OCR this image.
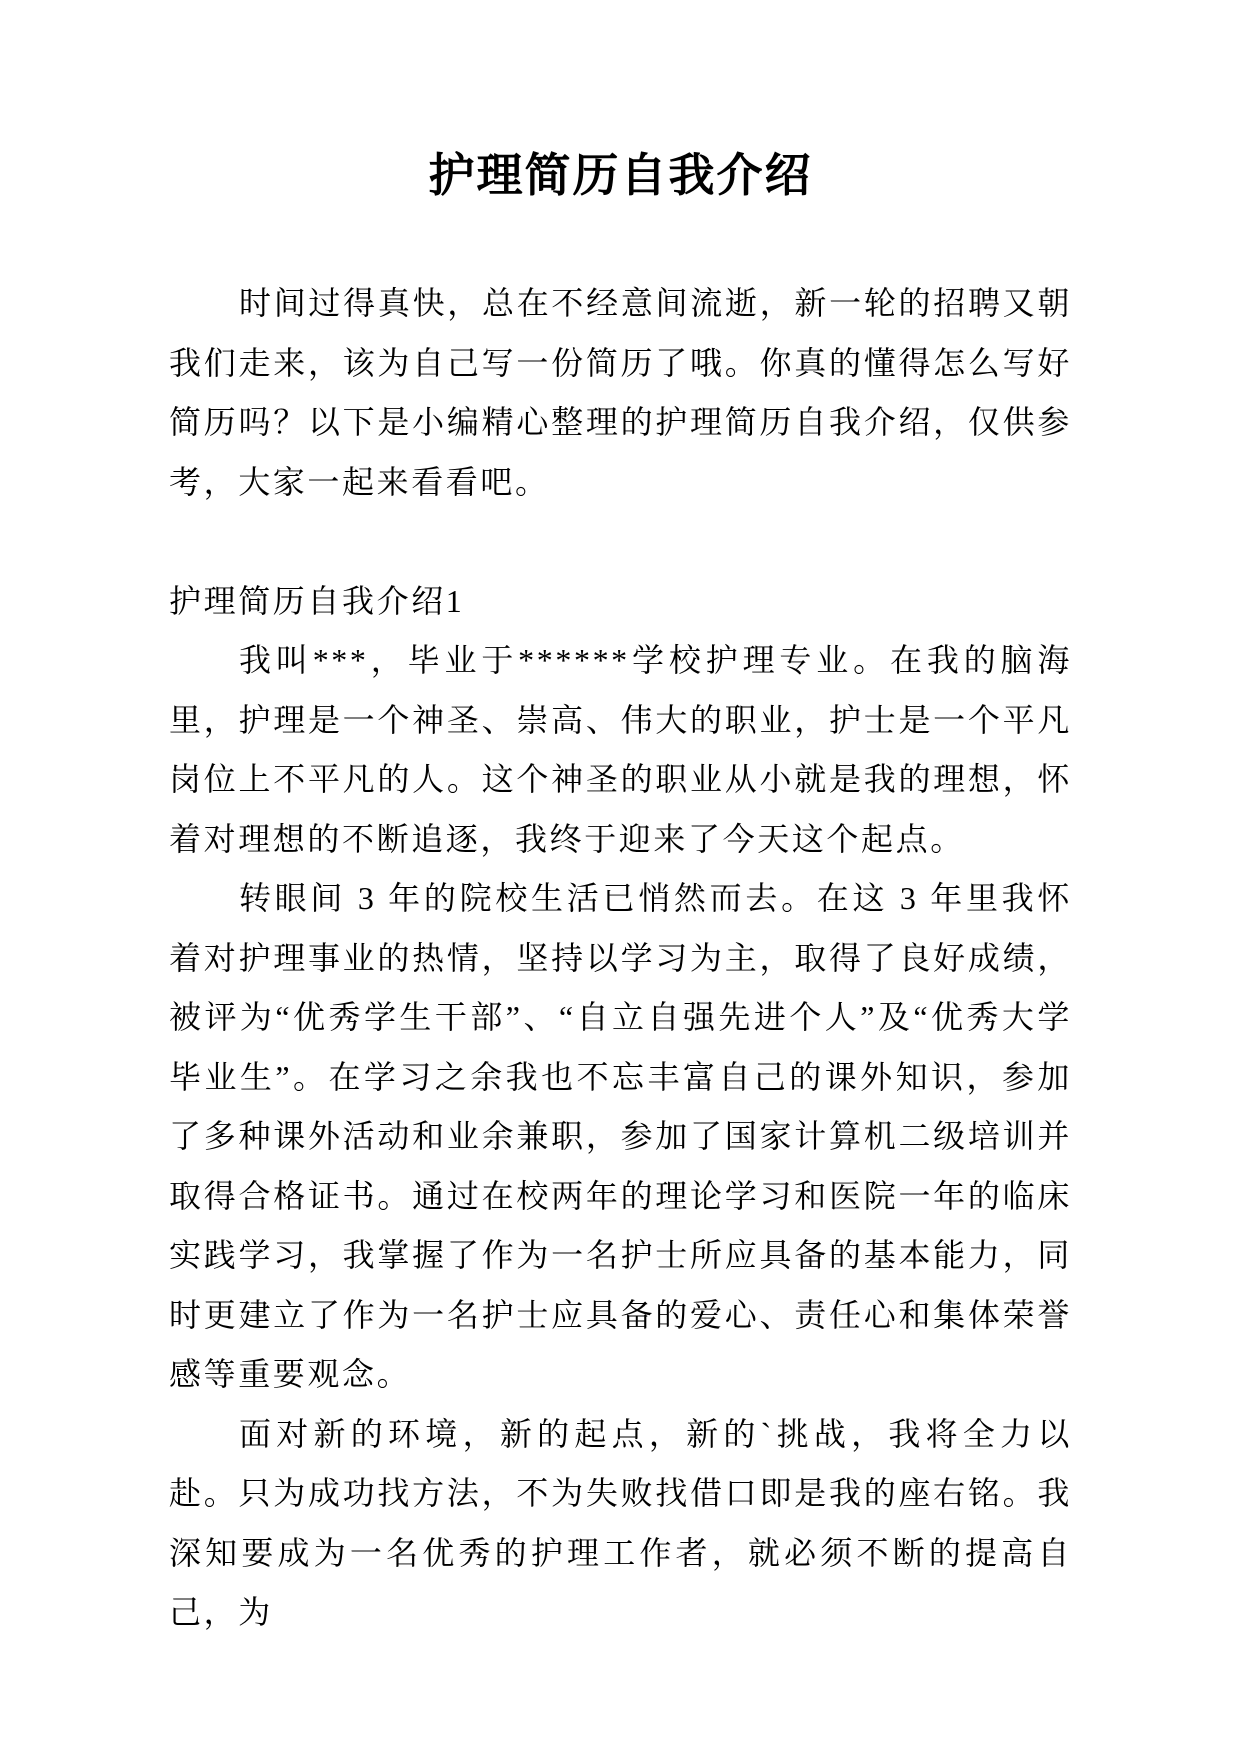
护理简历自我介绍

时间过得真快，总在不经意间流逝，新一轮的招聘又朝我们走来，该为自己写一份简历了哦。你真的懂得怎么写好简历吗？以下是小编精心整理的护理简历自我介绍，仅供参考，大家一起来看看吧。

护理简历自我介绍1

我叫***，毕业于******学校护理专业。在我的脑海里，护理是一个神圣、崇高、伟大的职业，护士是一个平凡岗位上不平凡的人。这个神圣的职业从小就是我的理想，怀着对理想的不断追逐，我终于迎来了今天这个起点。

转眼间 3 年的院校生活已悄然而去。在这 3 年里我怀着对护理事业的热情，坚持以学习为主，取得了良好成绩，被评为“优秀学生干部”、“自立自强先进个人”及“优秀大学毕业生”。在学习之余我也不忘丰富自己的课外知识，参加了多种课外活动和业余兼职，参加了国家计算机二级培训并取得合格证书。通过在校两年的理论学习和医院一年的临床实践学习，我掌握了作为一名护士所应具备的基本能力，同时更建立了作为一名护士应具备的爱心、责任心和集体荣誉感等重要观念。

面对新的环境，新的起点，新的`挑战，我将全力以赴。只为成功找方法，不为失败找借口即是我的座右铭。我深知要成为一名优秀的护理工作者，就必须不断的提高自己，为
